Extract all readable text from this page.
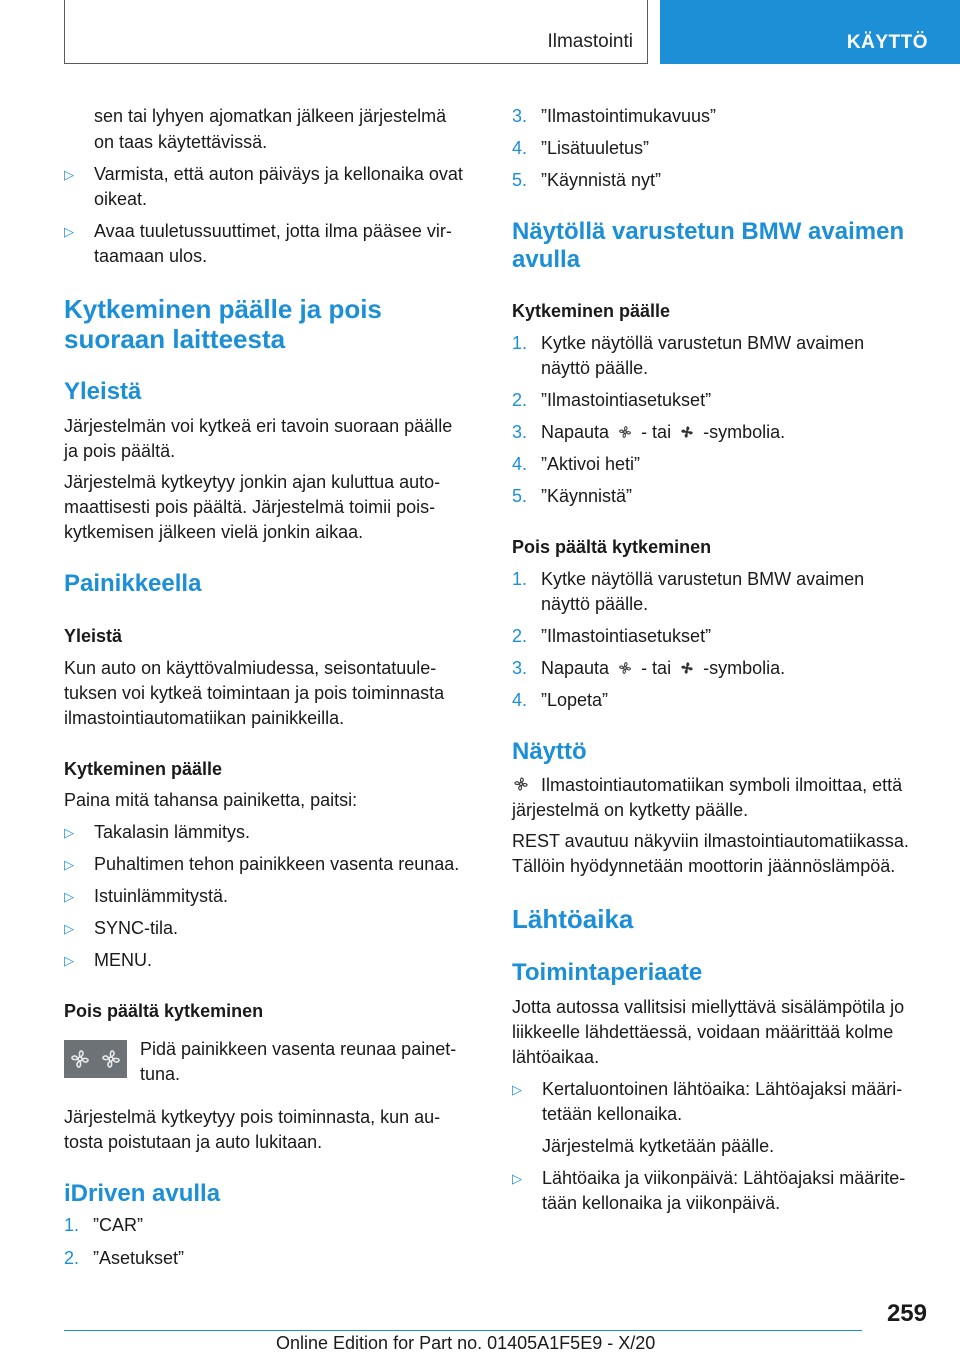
Ilmastointi	KÄYTTÖ

sen tai lyhyen ajomatkan jälkeen järjestelmä

on taas käytettävissä.

▷ Varmista, että auton päiväys ja kellonaika ovat
oikeat.
▷ Avaa tuuletussuuttimet, jotta ilma pääsee vir-
taamaan ulos.

Kytkeminen päälle ja pois

suoraan laitteesta

Yleistä

Järjestelmän voi kytkeä eri tavoin suoraan päälle

ja pois päältä.

Järjestelmä kytkeytyy jonkin ajan kuluttua auto-

maattisesti pois päältä. Järjestelmä toimii pois-

kytkemisen jälkeen vielä jonkin aikaa.

Painikkeella

Yleistä

Kun auto on käyttövalmiudessa, seisontatuule-

tuksen voi kytkeä toimintaan ja pois toiminnasta

ilmastointiautomatiikan painikkeilla.

Kytkeminen päälle

Paina mitä tahansa painiketta, paitsi:

▷ Takalasin lämmitys.
▷ Puhaltimen tehon painikkeen vasenta reunaa.
▷ Istuinlämmitystä.
▷ SYNC-tila.
▷ MENU.

Pois päältä kytkeminen

Pidä painikkeen vasenta reunaa painet-

tuna.

Järjestelmä kytkeytyy pois toiminnasta, kun au-

tosta poistutaan ja auto lukitaan.

iDriven avulla

1. ”CAR”
2. ”Asetukset”
3. ”Ilmastointimukavuus”
4. ”Lisätuuletus”
5. ”Käynnistä nyt”

Näytöllä varustetun BMW avaimen

avulla

Kytkeminen päälle

1. Kytke näytöllä varustetun BMW avaimen
näyttö päälle.
2. ”Ilmastointiasetukset”
3. Napauta - tai -symbolia.
4. ”Aktivoi heti”
5. ”Käynnistä”

Pois päältä kytkeminen

1. Kytke näytöllä varustetun BMW avaimen
näyttö päälle.
2. ”Ilmastointiasetukset”
3. Napauta - tai -symbolia.
4. ”Lopeta”

Näyttö

Ilmastointiautomatiikan symboli ilmoittaa, että

järjestelmä on kytketty päälle.

REST avautuu näkyviin ilmastointiautomatiikassa.

Tällöin hyödynnetään moottorin jäännöslämpöä.

Lähtöaika

Toimintaperiaate

Jotta autossa vallitsisi miellyttävä sisälämpötila jo

liikkeelle lähdettäessä, voidaan määrittää kolme

lähtöaikaa.

▷ Kertaluontoinen lähtöaika: Lähtöajaksi määri-
tetään kellonaika.
Järjestelmä kytketään päälle.
▷ Lähtöaika ja viikonpäivä: Lähtöajaksi määrite-
tään kellonaika ja viikonpäivä.
259
Online Edition for Part no. 01405A1F5E9 - X/20
